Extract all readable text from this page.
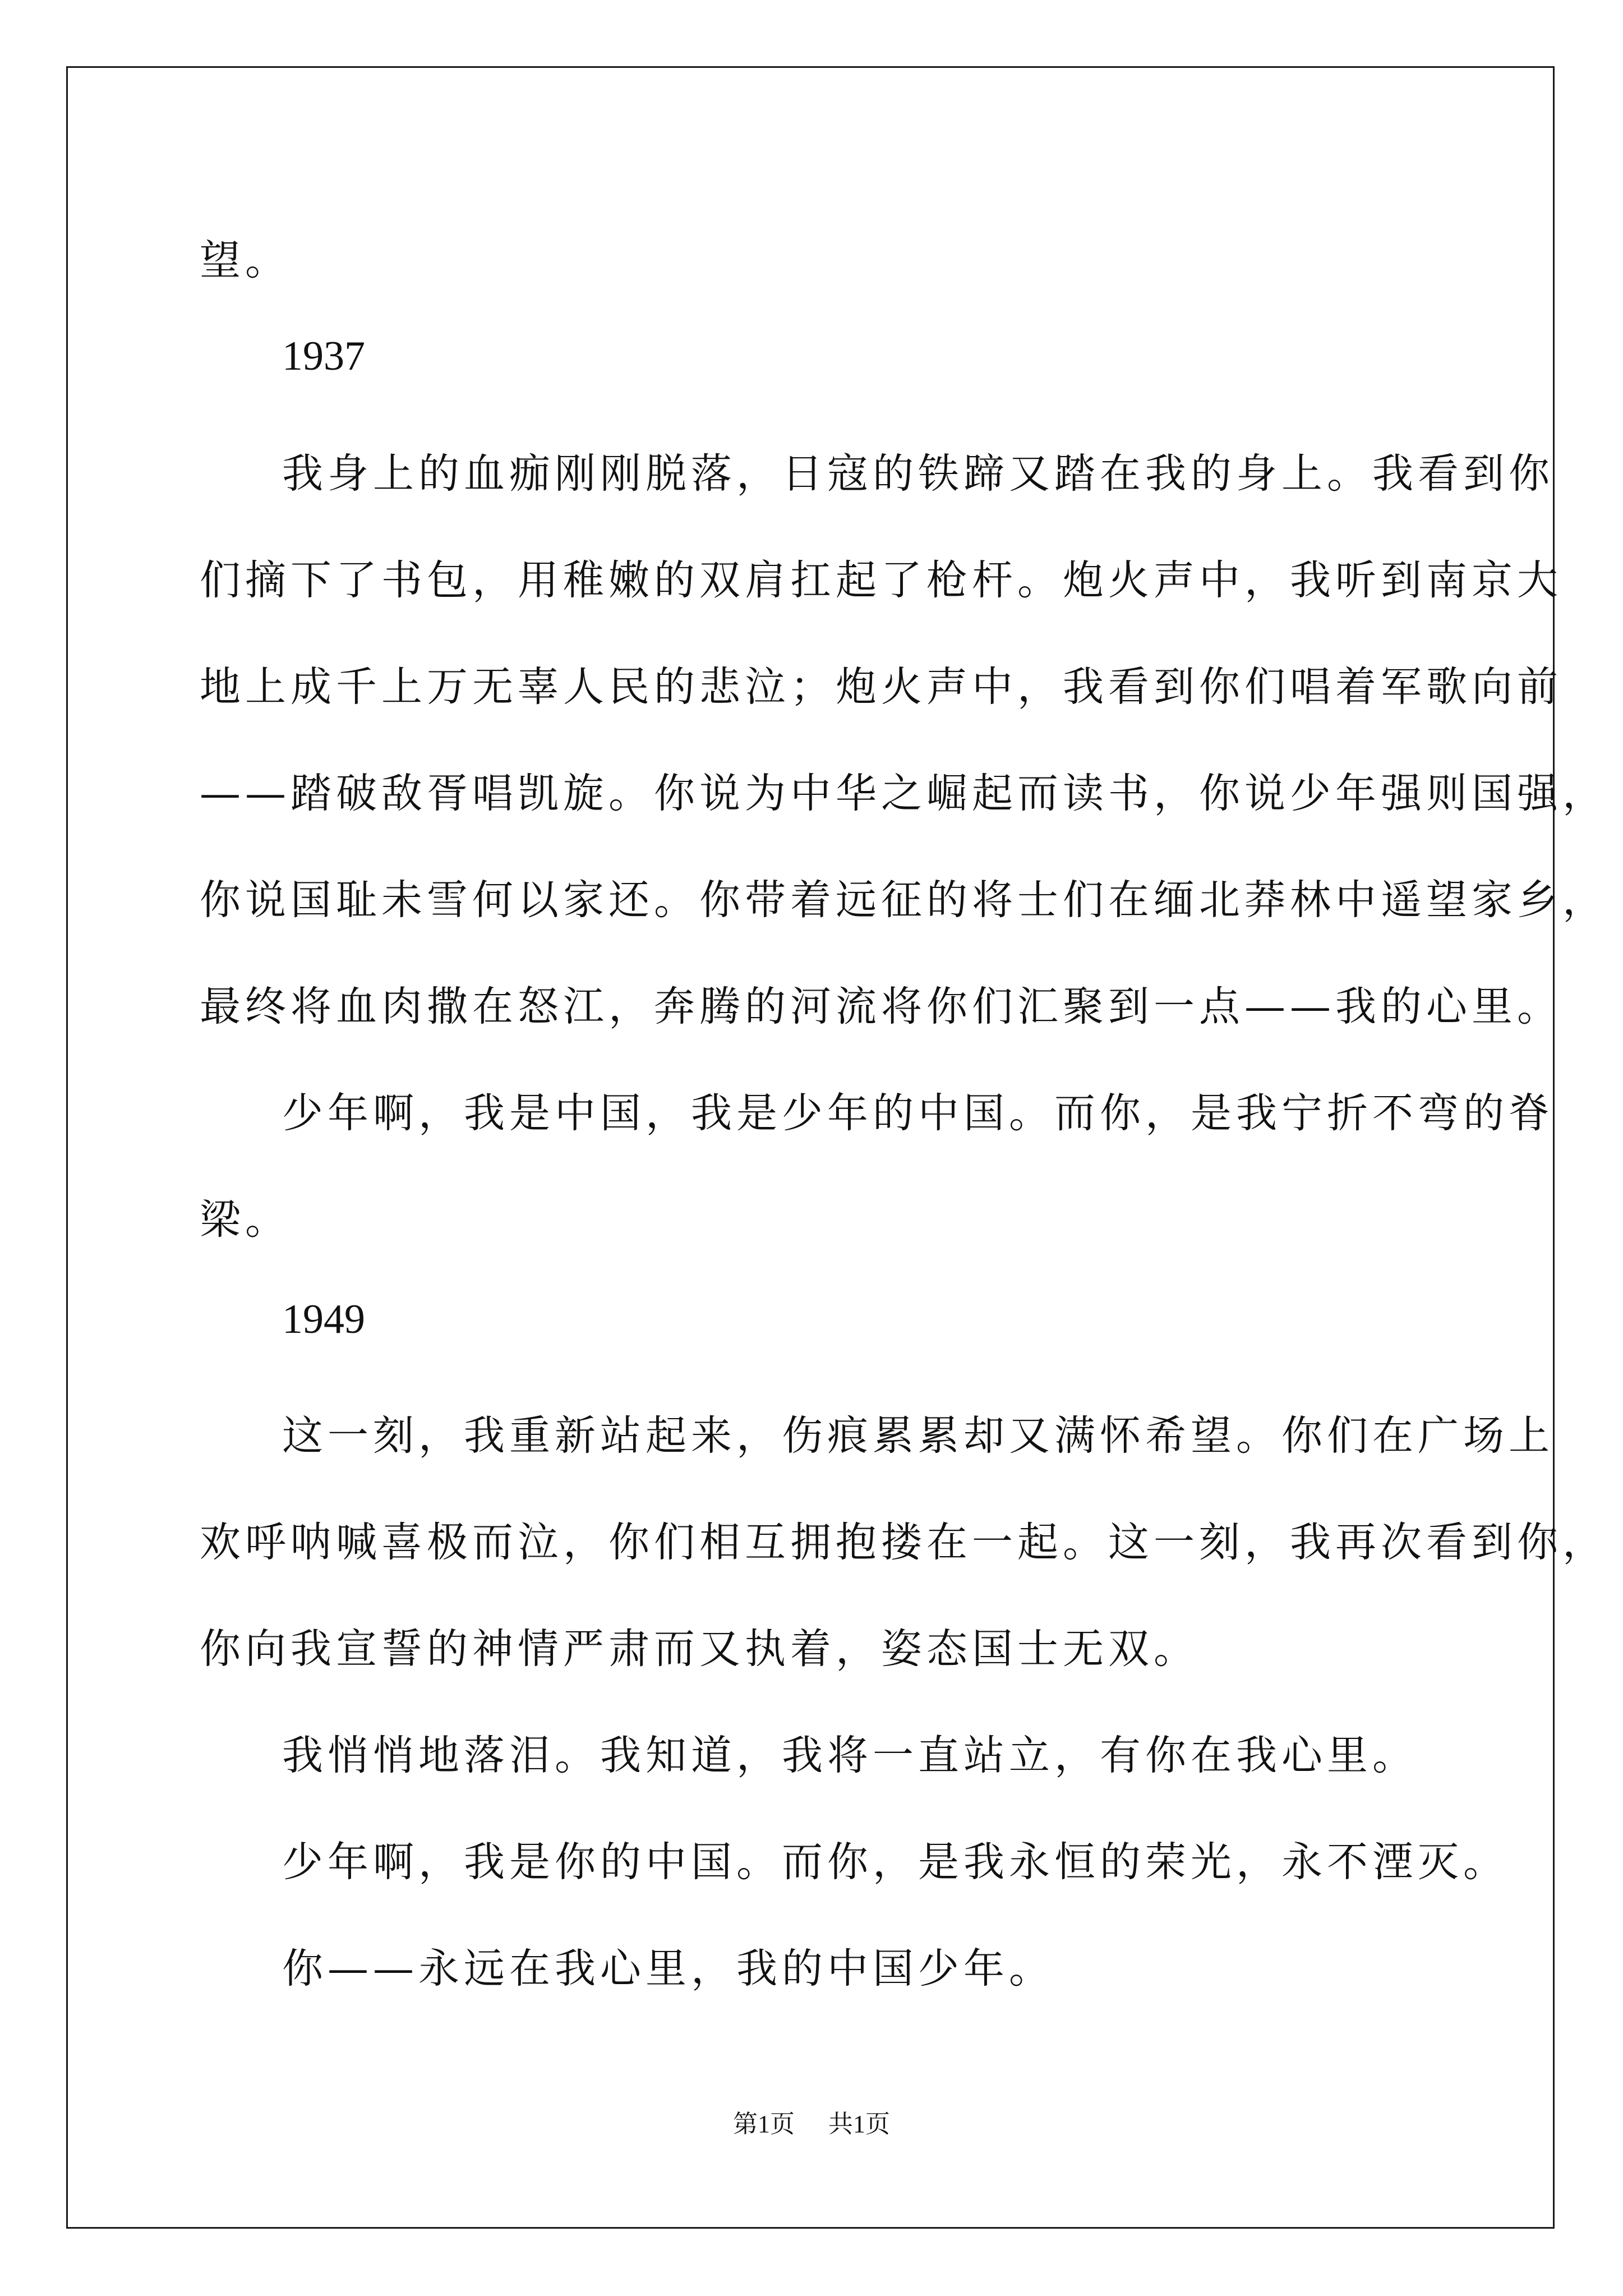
望。
1937
我身上的血痂刚刚脱落，日寇的铁蹄又踏在我的身上。我看到你
们摘下了书包，用稚嫩的双肩扛起了枪杆。炮火声中，我听到南京大
地上成千上万无辜人民的悲泣；炮火声中，我看到你们唱着军歌向前
——踏破敌胥唱凯旋。你说为中华之崛起而读书，你说少年强则国强，
你说国耻未雪何以家还。你带着远征的将士们在缅北莽林中遥望家乡，
最终将血肉撒在怒江，奔腾的河流将你们汇聚到一点——我的心里。
少年啊，我是中国，我是少年的中国。而你，是我宁折不弯的脊
梁。
1949
这一刻，我重新站起来，伤痕累累却又满怀希望。你们在广场上
欢呼呐喊喜极而泣，你们相互拥抱搂在一起。这一刻，我再次看到你，
你向我宣誓的神情严肃而又执着，姿态国士无双。
我悄悄地落泪。我知道，我将一直站立，有你在我心里。
少年啊，我是你的中国。而你，是我永恒的荣光，永不湮灭。
你——永远在我心里，我的中国少年。
第1页 共1页
